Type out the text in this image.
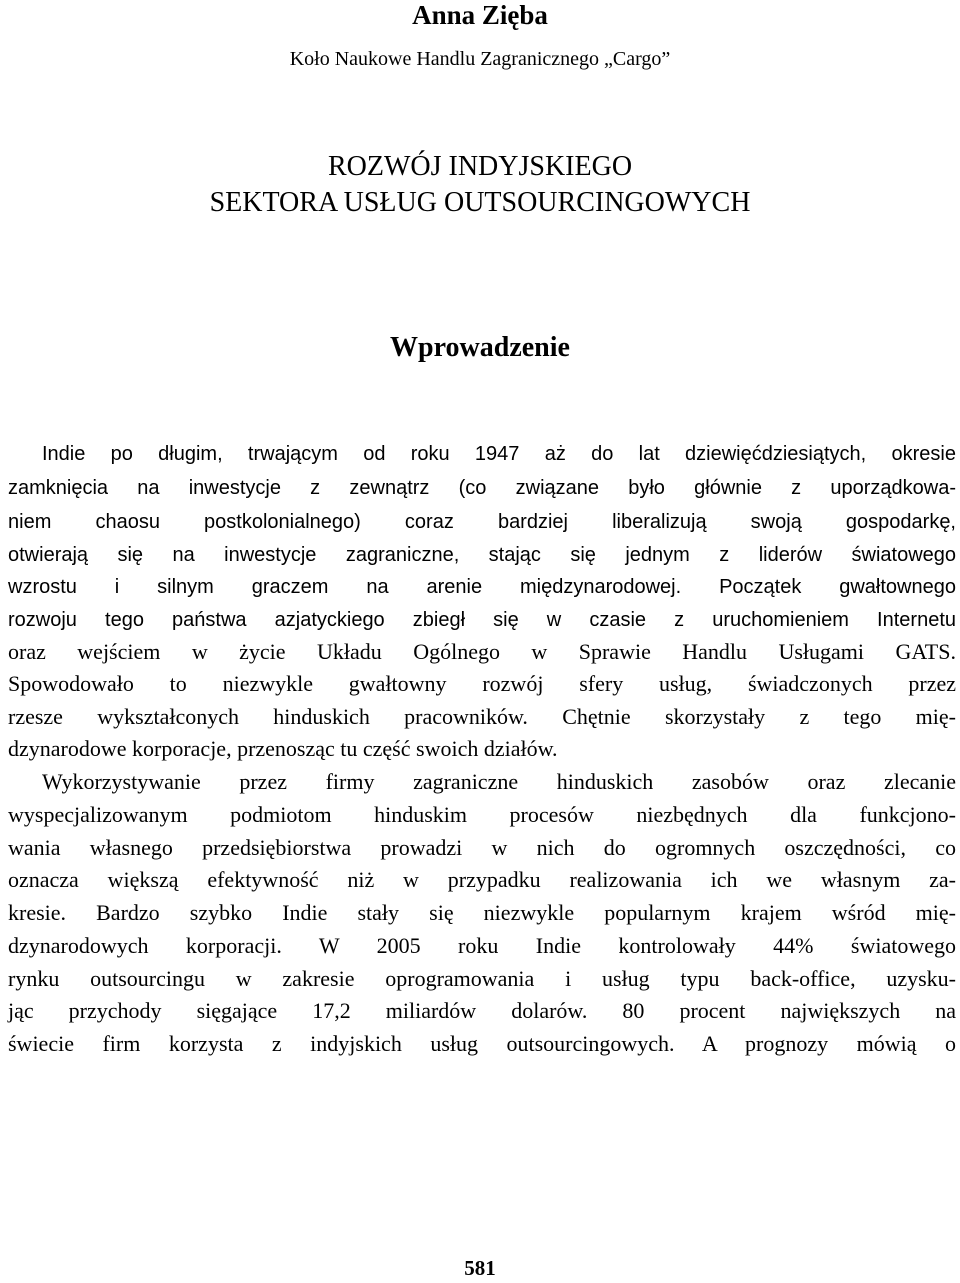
Anna Zięba
Koło Naukowe Handlu Zagranicznego „Cargo”
ROZWÓJ INDYJSKIEGO
SEKTORA USŁUG OUTSOURCINGOWYCH
Wprowadzenie
Indie po długim, trwającym od roku 1947 aż do lat dziewięćdziesiątych, okresie
zamknięcia na inwestycje z zewnątrz (co związane było głównie z uporządkowa-
niem chaosu postkolonialnego) coraz bardziej liberalizują swoją gospodarkę,
otwierają się na inwestycje zagraniczne, stając się jednym z liderów światowego
wzrostu i silnym graczem na arenie międzynarodowej. Początek gwałtownego
rozwoju tego państwa azjatyckiego zbiegł się w czasie z uruchomieniem Internetu
oraz wejściem w życie Układu Ogólnego w Sprawie Handlu Usługami GATS.
Spowodowało to niezwykle gwałtowny rozwój sfery usług, świadczonych przez
rzesze wykształconych hinduskich pracowników. Chętnie skorzystały z tego mię-
dzynarodowe korporacje, przenosząc tu część swoich działów.
Wykorzystywanie przez firmy zagraniczne hinduskich zasobów oraz zlecanie
wyspecjalizowanym podmiotom hinduskim procesów niezbędnych dla funkcjono-
wania własnego przedsiębiorstwa prowadzi w nich do ogromnych oszczędności, co
oznacza większą efektywność niż w przypadku realizowania ich we własnym za-
kresie. Bardzo szybko Indie stały się niezwykle popularnym krajem wśród mię-
dzynarodowych korporacji. W 2005 roku Indie kontrolowały 44% światowego
rynku outsourcingu w zakresie oprogramowania i usług typu back-office, uzysku-
jąc przychody sięgające 17,2 miliardów dolarów. 80 procent największych na
świecie firm korzysta z indyjskich usług outsourcingowych. A prognozy mówią o
581
